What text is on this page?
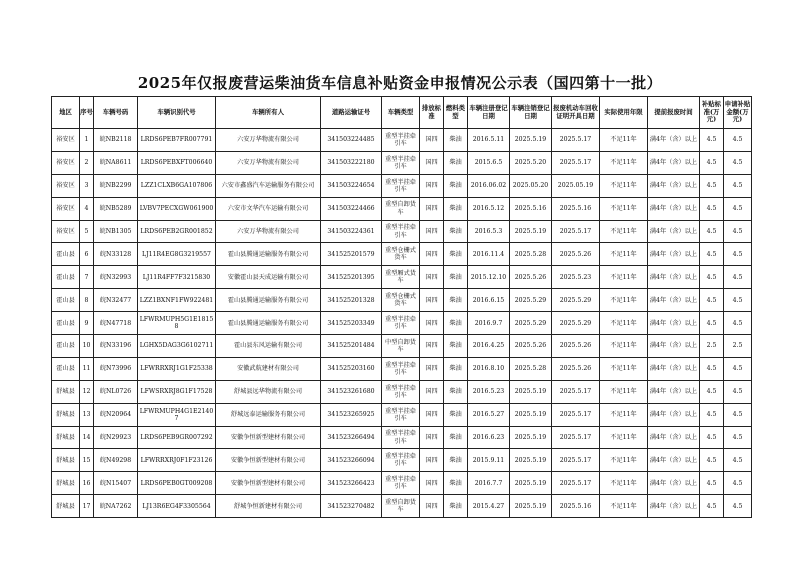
2025年仅报废营运柴油货车信息补贴资金申报情况公示表（国四第十一批）
地区	序号	车辆号码	车辆识别代号	车辆所有人	道路运输证号	车辆类型	排放标准	燃料类型	车辆注册登记日期	车辆注销登记日期	报废机动车回收证明开具日期	实际使用年限	提前报废时间	补贴标准(万元)	申请补贴金额(万元)
裕安区	1	皖NB2118	LRDS6PEB7FR007791	六安万华物流有限公司	341503224485	重型半挂牵引车	国四	柴油	2016.5.11	2025.5.19	2025.5.17	不足11年	满4年（含）以上	4.5	4.5
裕安区	2	皖NA8611	LRDS6PEBXFT006640	六安万华物流有限公司	341503222180	重型半挂牵引车	国四	柴油	2015.6.5	2025.5.20	2025.5.17	不足11年	满4年（含）以上	4.5	4.5
裕安区	3	皖NB2299	LZZ1CLXB6GA107806	六安市鑫盛汽车运输服务有限公司	341503224654	重型半挂牵引车	国四	柴油	2016.06.02	2025.05.20	2025.05.19	不足11年	满4年（含）以上	4.5	4.5
裕安区	4	皖NB5289	LVBV7PECXGW061900	六安市文华汽车运输有限公司	341503224466	重型自卸货车	国四	柴油	2016.5.12	2025.5.16	2025.5.16	不足11年	满4年（含）以上	4.5	4.5
裕安区	5	皖NB1305	LRDS6PEB2GR001852	六安万华物流有限公司	341503224361	重型半挂牵引车	国四	柴油	2016.5.3	2025.5.19	2025.5.17	不足11年	满4年（含）以上	4.5	4.5
霍山县	6	皖N33128	LJ11R4EG8G3219557	霍山县腾通运输服务有限公司	341525201579	重型仓栅式货车	国四	柴油	2016.11.4	2025.5.28	2025.5.26	不足11年	满4年（含）以上	4.5	4.5
霍山县	7	皖N32993	LJ11R4FF7F3215830	安徽霍山县天成运输有限公司	341525201395	重型厢式货车	国四	柴油	2015.12.10	2025.5.26	2025.5.23	不足11年	满4年（含）以上	4.5	4.5
霍山县	8	皖N32477	LZZ1BXNF1FW922481	霍山县腾通运输服务有限公司	341525201328	重型仓栅式货车	国四	柴油	2016.6.15	2025.5.29	2025.5.29	不足11年	满4年（含）以上	4.5	4.5
霍山县	9	皖N47718	LFWRMUPH5G1E18158	霍山县腾通运输服务有限公司	341525203349	重型半挂牵引车	国四	柴油	2016.9.7	2025.5.29	2025.5.29	不足11年	满4年（含）以上	4.5	4.5
霍山县	10	皖N33196	LGHX5DAG3G6102711	霍山县东风运输有限公司	341525201484	中型自卸货车	国四	柴油	2016.4.25	2025.5.26	2025.5.26	不足11年	满4年（含）以上	2.5	2.5
霍山县	11	皖N73996	LFWRRXRJ1G1F25338	安徽武航建材有限公司	341525203160	重型半挂牵引车	国四	柴油	2016.8.10	2025.5.28	2025.5.26	不足11年	满4年（含）以上	4.5	4.5
舒城县	12	皖NL0726	LFWSRXRJ8G1F17528	舒城县远华物流有限公司	341523261680	重型半挂牵引车	国四	柴油	2016.5.23	2025.5.19	2025.5.17	不足11年	满4年（含）以上	4.5	4.5
舒城县	13	皖N20964	LFWRMUPH4G1E21407	舒城远泰运输服务有限公司	341523265925	重型半挂牵引车	国四	柴油	2016.5.27	2025.5.19	2025.5.17	不足11年	满4年（含）以上	4.5	4.5
舒城县	14	皖N29923	LRDS6PEB9GR007292	安徽争恒新型建材有限公司	341523266494	重型半挂牵引车	国四	柴油	2016.6.23	2025.5.19	2025.5.17	不足11年	满4年（含）以上	4.5	4.5
舒城县	15	皖N49298	LFWRRXRJ0F1F23126	安徽争恒新型建材有限公司	341523266094	重型半挂牵引车	国四	柴油	2015.9.11	2025.5.19	2025.5.17	不足11年	满4年（含）以上	4.5	4.5
舒城县	16	皖N15407	LRDS6PEB0GT009208	安徽争恒新型建材有限公司	341523266423	重型半挂牵引车	国四	柴油	2016.7.7	2025.5.19	2025.5.17	不足11年	满4年（含）以上	4.5	4.5
舒城县	17	皖NA7262	LJ13R6EG4F3305564	舒城争恒新建材有限公司	341523270482	重型自卸货车	国四	柴油	2015.4.27	2025.5.19	2025.5.16	不足11年	满4年（含）以上	4.5	4.5
